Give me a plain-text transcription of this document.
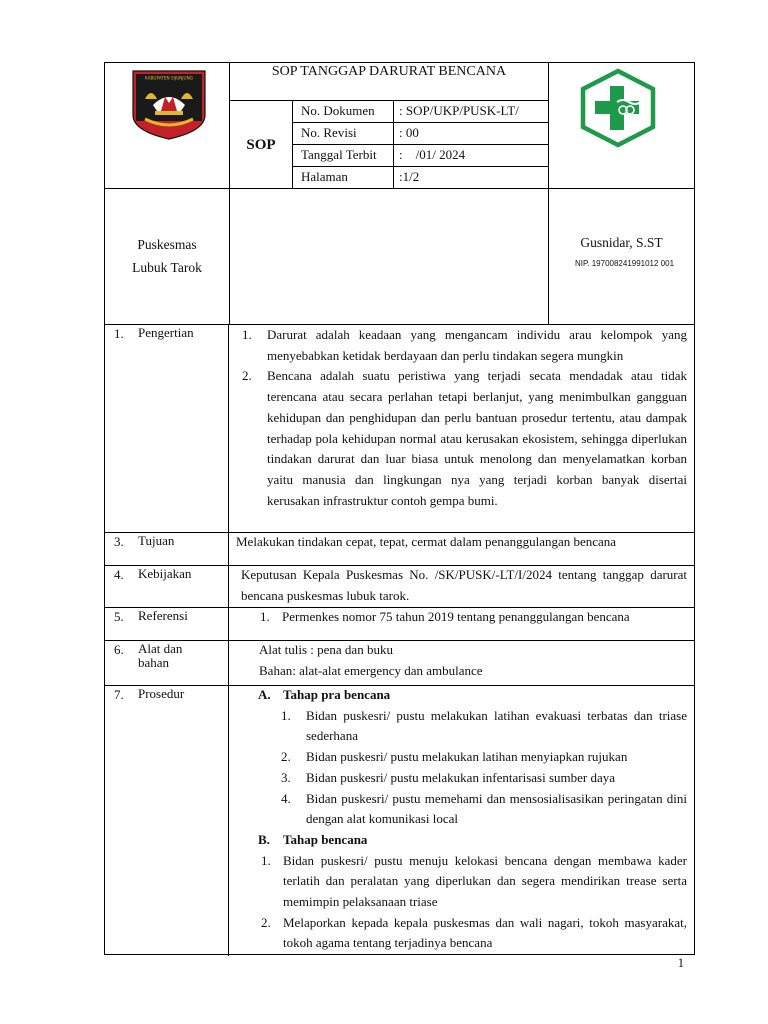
KABUPATEN SIJUNJUNG	SOP TANGGAP DARURAT BENCANA
SOP
No. Dokumen : SOP/UKP/PUSK-LT/
No. Revisi	: 00
Tanggal Terbit :    /01/ 2024
Halaman	:1/2
Puskesmas
Lubuk Tarok
Gusnidar, S.ST
NIP. 197008241991012 001
1. Pengertian	1. Darurat adalah keadaan yang mengancam individu arau kelompok yang menyebabkan ketidak berdayaan dan perlu tindakan segera mungkin
2. Bencana adalah suatu peristiwa yang terjadi secata mendadak atau tidak terencana atau secara perlahan tetapi berlanjut, yang menimbulkan gangguan kehidupan dan penghidupan dan perlu bantuan prosedur tertentu, atau dampak terhadap pola kehidupan normal atau kerusakan ekosistem, sehingga diperlukan tindakan darurat dan luar biasa untuk menolong dan menyelamatkan korban yaitu manusia dan lingkungan nya yang terjadi korban banyak disertai kerusakan infrastruktur contoh gempa bumi.
3. Tujuan	Melakukan tindakan cepat, tepat, cermat dalam penanggulangan bencana
4. Kebijakan	Keputusan Kepala Puskesmas No. /SK/PUSK/-LT/I/2024 tentang tanggap darurat bencana puskesmas lubuk tarok.
5. Referensi	1. Permenkes nomor 75 tahun 2019 tentang penanggulangan bencana
6. Alat dan
bahan
Alat tulis : pena dan buku
Bahan: alat-alat emergency dan ambulance
7. Prosedur	A. Tahap pra bencana
1. Bidan puskesri/ pustu melakukan latihan evakuasi terbatas dan triase sederhana
2. Bidan puskesri/ pustu melakukan latihan menyiapkan rujukan
3. Bidan puskesri/ pustu melakukan infentarisasi sumber daya
4. Bidan puskesri/ pustu memehami dan mensosialisasikan peringatan dini dengan alat komunikasi local
B. Tahap bencana
1. Bidan puskesri/ pustu menuju kelokasi bencana dengan membawa kader terlatih dan peralatan yang diperlukan dan segera mendirikan trease serta memimpin pelaksanaan triase
2. Melaporkan kepada kepala puskesmas dan wali nagari, tokoh masyarakat, tokoh agama tentang terjadinya bencana
1
